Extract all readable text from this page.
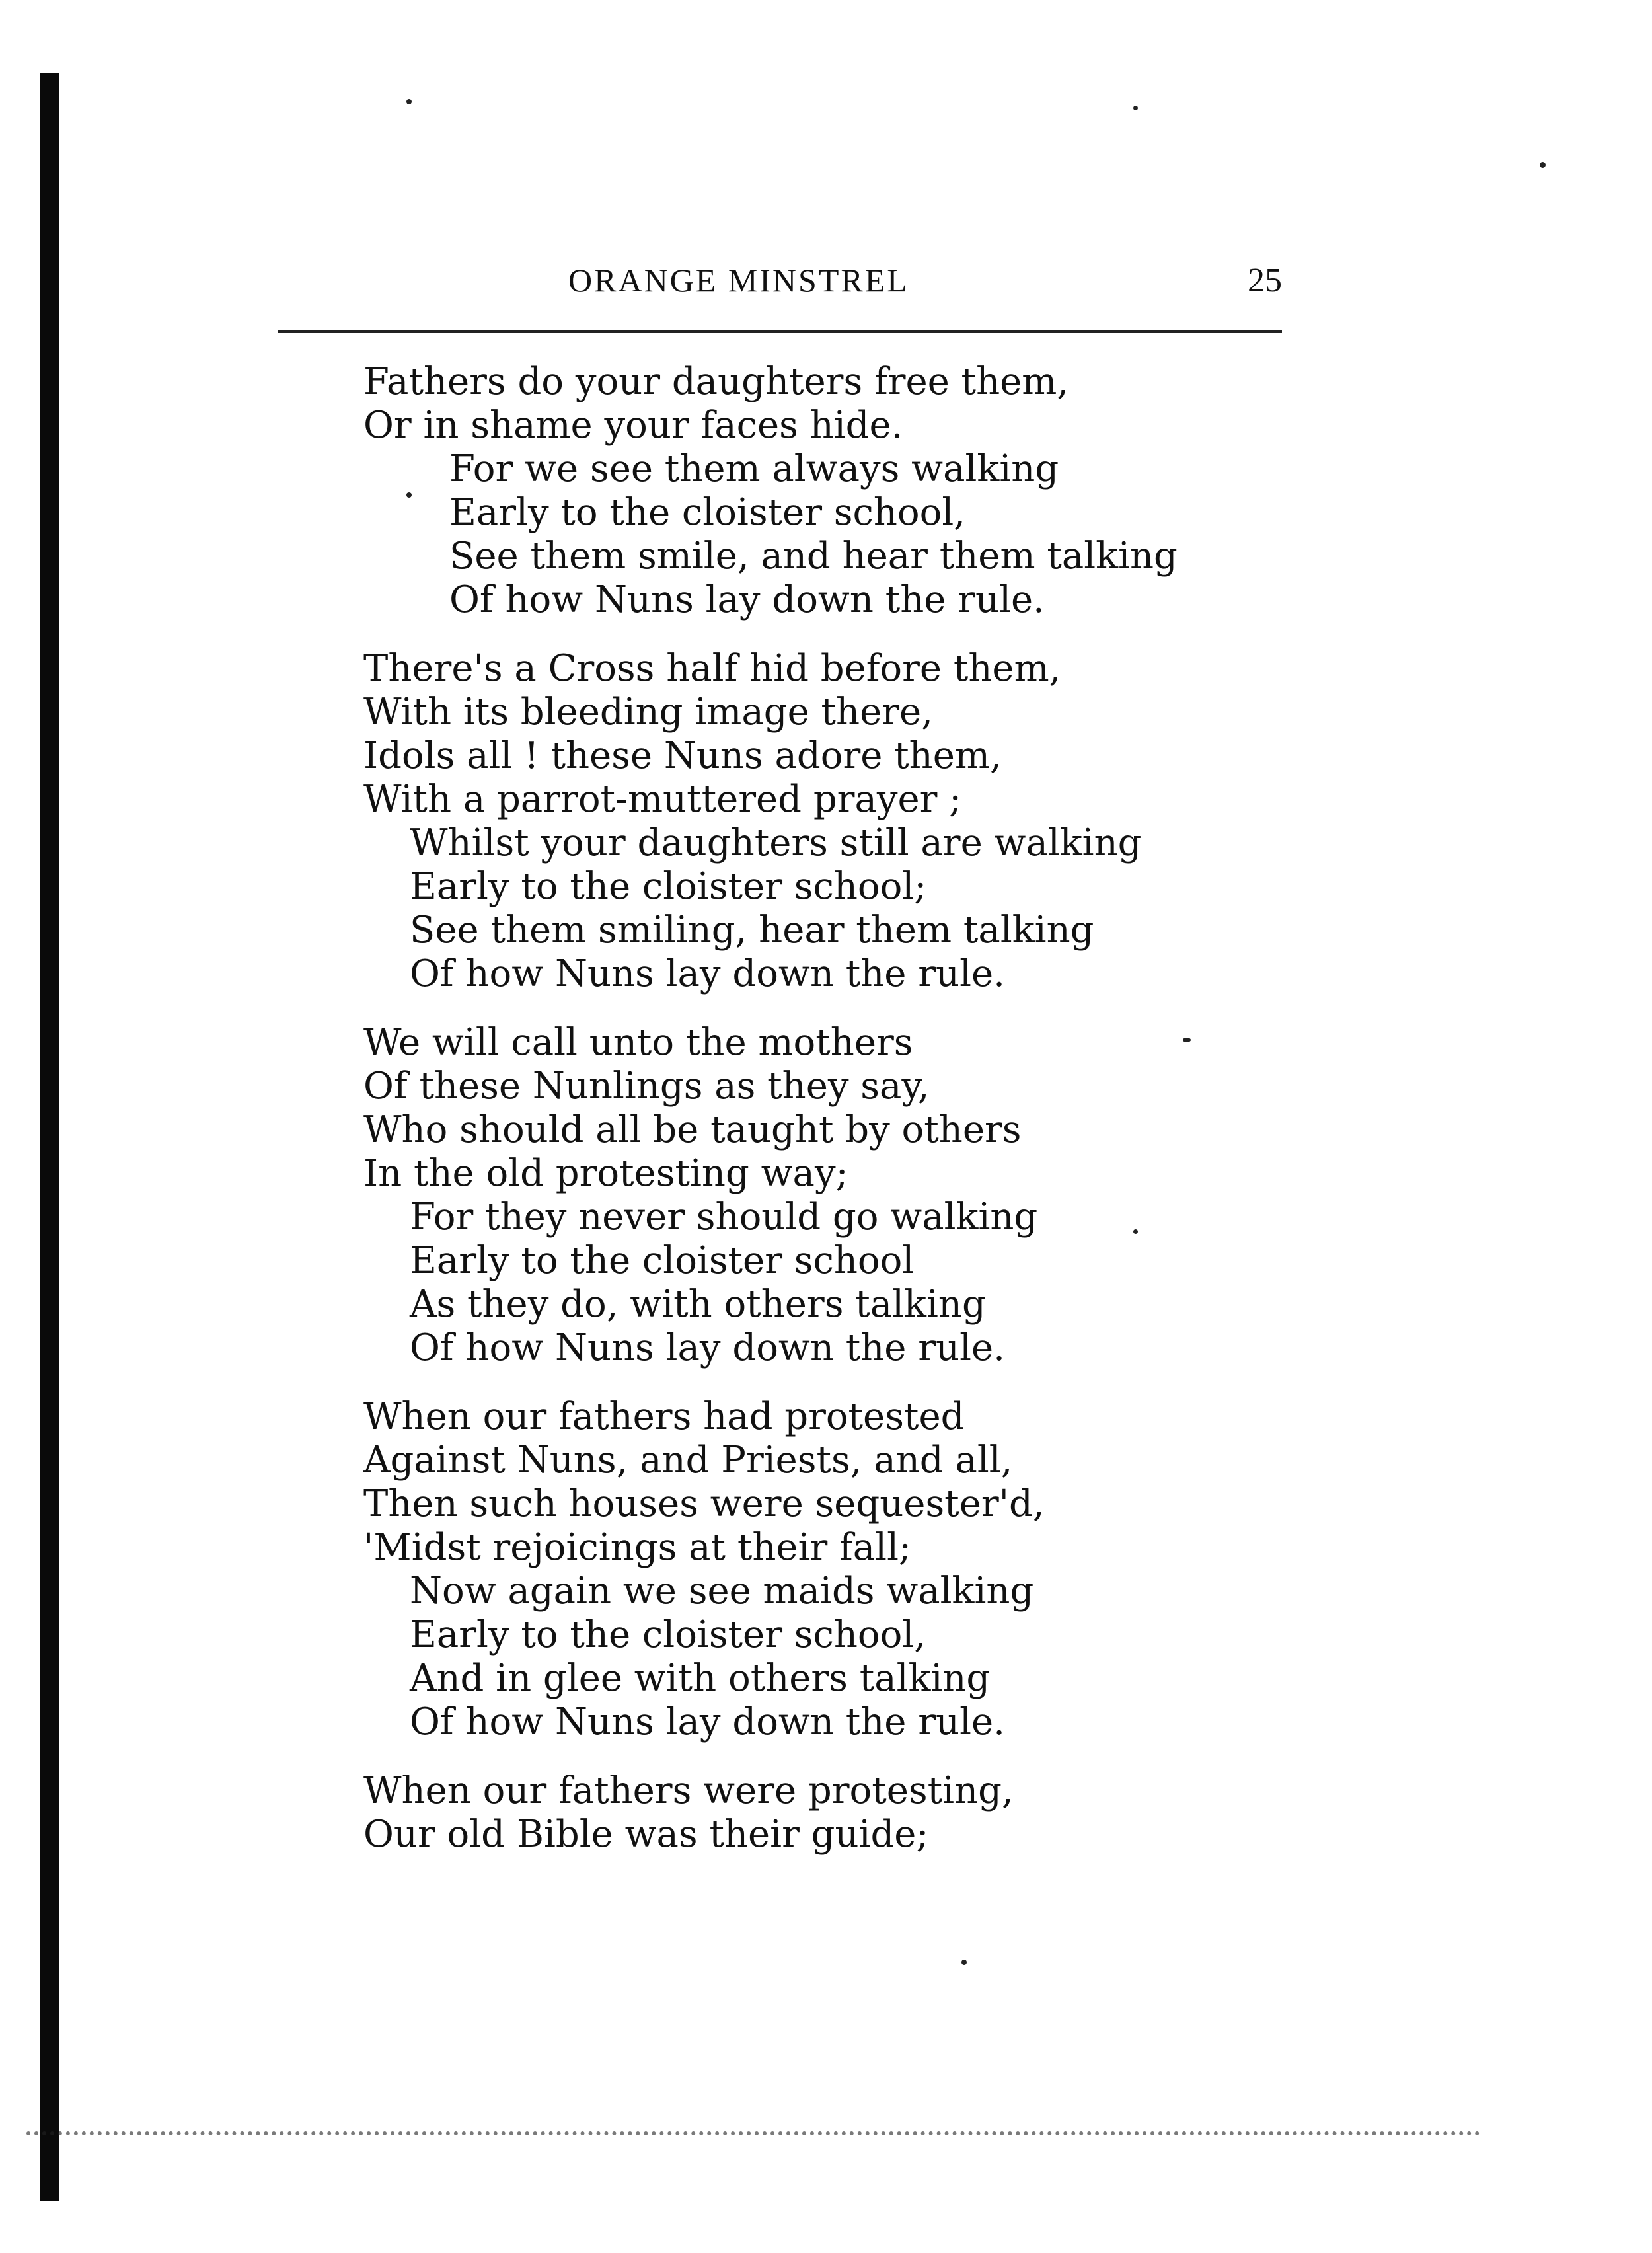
ORANGE MINSTREL	25
Fathers do your daughters free them,
Or in shame your faces hide.
For we see them always walking
Early to the cloister school,
See them smile, and hear them talking
Of how Nuns lay down the rule.
There's a Cross half hid before them,
With its bleeding image there,
Idols all ! these Nuns adore them,
With a parrot-muttered prayer ;
Whilst your daughters still are walking
Early to the cloister school;
See them smiling, hear them talking
Of how Nuns lay down the rule.
We will call unto the mothers
Of these Nunlings as they say,
Who should all be taught by others
In the old protesting way;
For they never should go walking
Early to the cloister school
As they do, with others talking
Of how Nuns lay down the rule.
When our fathers had protested
Against Nuns, and Priests, and all,
Then such houses were sequester'd,
'Midst rejoicings at their fall;
Now again we see maids walking
Early to the cloister school,
And in glee with others talking
Of how Nuns lay down the rule.
When our fathers were protesting,
Our old Bible was their guide;
